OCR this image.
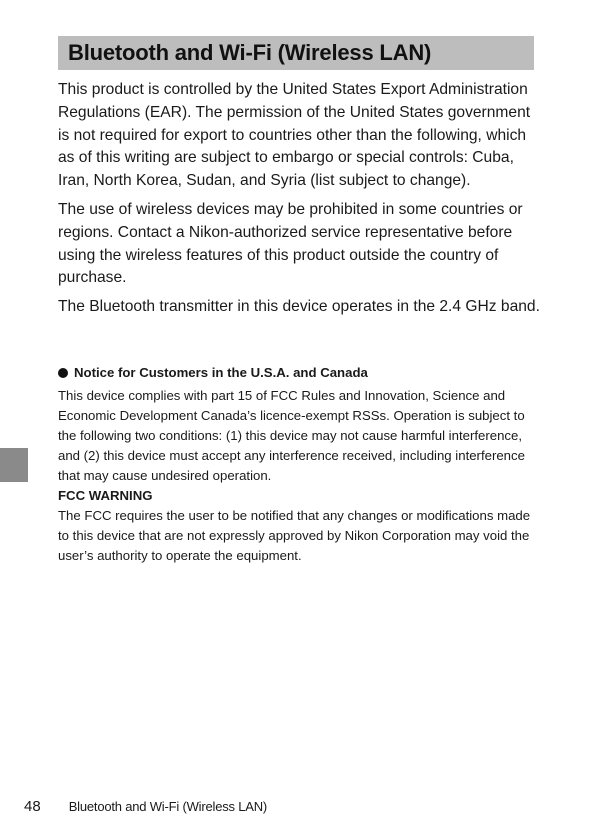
Bluetooth and Wi-Fi (Wireless LAN)

This product is controlled by the United States Export Administration Regulations (EAR). The permission of the United States government is not required for export to countries other than the following, which as of this writing are subject to embargo or special controls: Cuba, Iran, North Korea, Sudan, and Syria (list subject to change).

The use of wireless devices may be prohibited in some countries or regions. Contact a Nikon-authorized service representative before using the wireless features of this product outside the country of purchase.

The Bluetooth transmitter in this device operates in the 2.4 GHz band.

Notice for Customers in the U.S.A. and Canada

This device complies with part 15 of FCC Rules and Innovation, Science and Economic Development Canada’s licence-exempt RSSs. Operation is subject to the following two conditions: (1) this device may not cause harmful interference, and (2) this device must accept any interference received, including interference that may cause undesired operation.

FCC WARNING

The FCC requires the user to be notified that any changes or modifications made to this device that are not expressly approved by Nikon Corporation may void the user’s authority to operate the equipment.

48 Bluetooth and Wi-Fi (Wireless LAN)
